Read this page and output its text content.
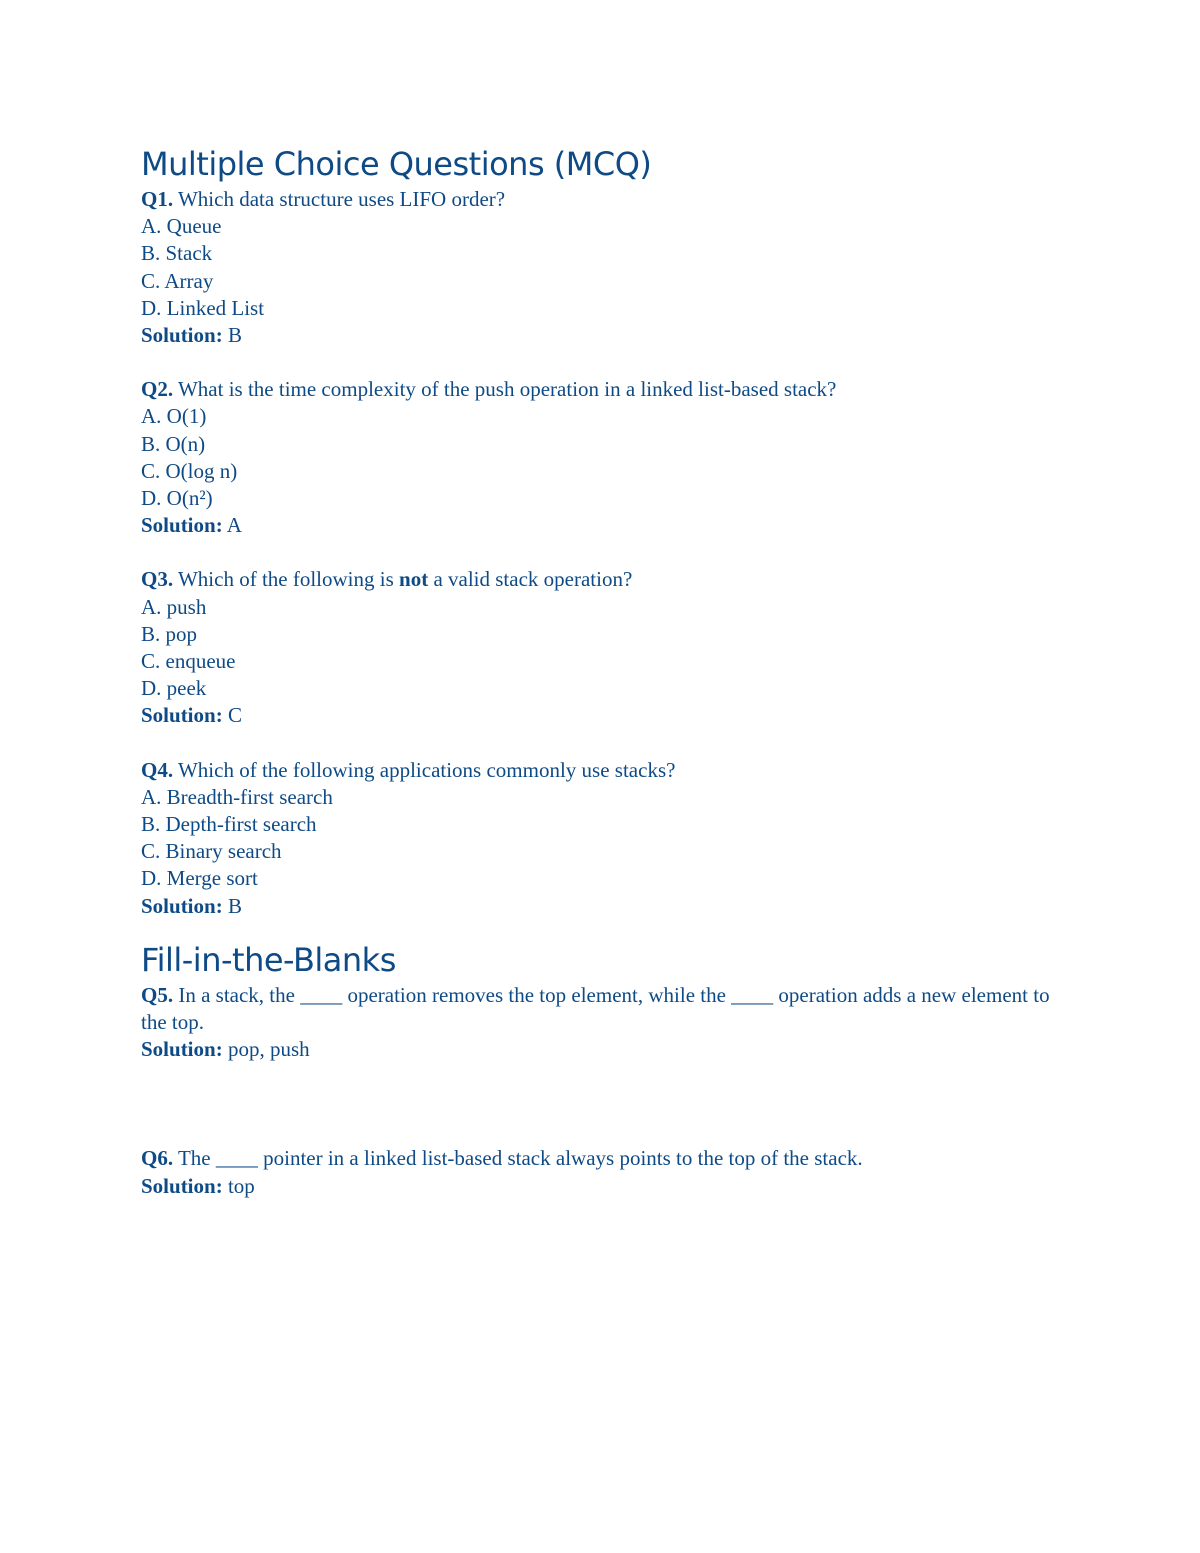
Multiple Choice Questions (MCQ)

Q1. Which data structure uses LIFO order?

A. Queue

B. Stack

C. Array

D. Linked List

Solution: B

Q2. What is the time complexity of the push operation in a linked list-based stack?

A. O(1)

B. O(n)

C. O(log n)

D. O(n²)

Solution: A

Q3. Which of the following is not a valid stack operation?

A. push

B. pop

C. enqueue

D. peek

Solution: C

Q4. Which of the following applications commonly use stacks?

A. Breadth-first search

B. Depth-first search

C. Binary search

D. Merge sort

Solution: B

Fill-in-the-Blanks

Q5. In a stack, the ____ operation removes the top element, while the ____ operation adds a new element to the top.

Solution: pop, push

Q6. The ____ pointer in a linked list-based stack always points to the top of the stack.

Solution: top
